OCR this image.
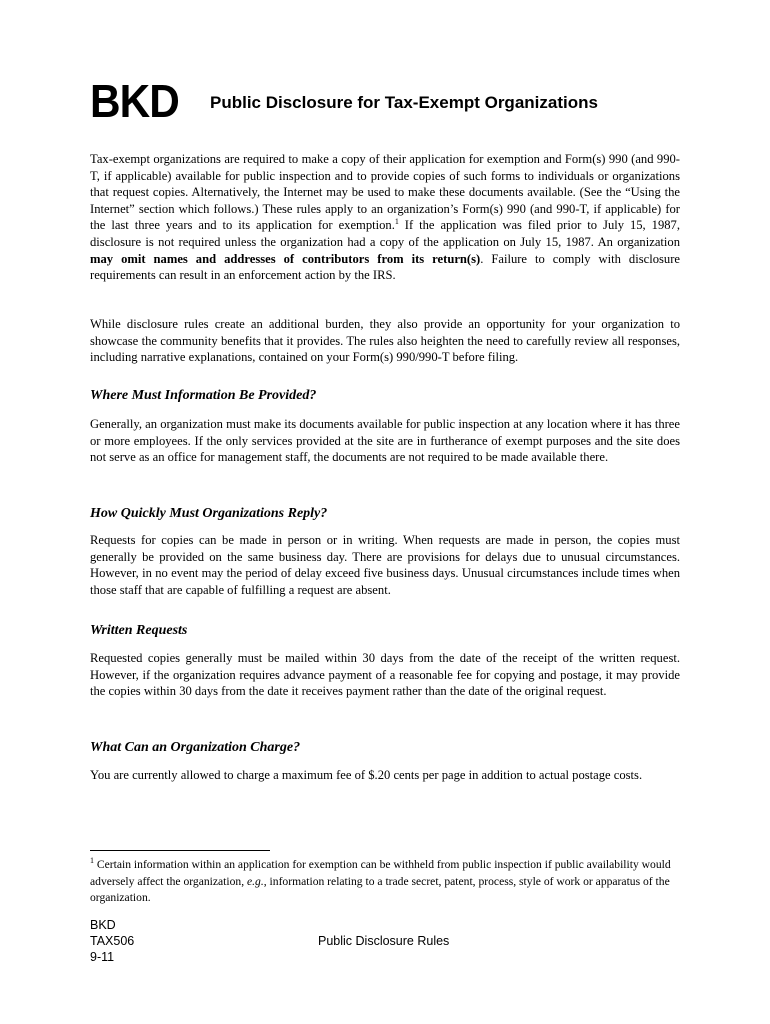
BKD Public Disclosure for Tax-Exempt Organizations
Tax-exempt organizations are required to make a copy of their application for exemption and Form(s) 990 (and 990-T, if applicable) available for public inspection and to provide copies of such forms to individuals or organizations that request copies. Alternatively, the Internet may be used to make these documents available. (See the “Using the Internet” section which follows.) These rules apply to an organization’s Form(s) 990 (and 990-T, if applicable) for the last three years and to its application for exemption.$^1$ If the application was filed prior to July 15, 1987, disclosure is not required unless the organization had a copy of the application on July 15, 1987. An organization may omit names and addresses of contributors from its return(s). Failure to comply with disclosure requirements can result in an enforcement action by the IRS.
While disclosure rules create an additional burden, they also provide an opportunity for your organization to showcase the community benefits that it provides. The rules also heighten the need to carefully review all responses, including narrative explanations, contained on your Form(s) 990/990-T before filing.
Where Must Information Be Provided?
Generally, an organization must make its documents available for public inspection at any location where it has three or more employees. If the only services provided at the site are in furtherance of exempt purposes and the site does not serve as an office for management staff, the documents are not required to be made available there.
How Quickly Must Organizations Reply?
Requests for copies can be made in person or in writing. When requests are made in person, the copies must generally be provided on the same business day. There are provisions for delays due to unusual circumstances. However, in no event may the period of delay exceed five business days. Unusual circumstances include times when those staff that are capable of fulfilling a request are absent.
Written Requests
Requested copies generally must be mailed within 30 days from the date of the receipt of the written request. However, if the organization requires advance payment of a reasonable fee for copying and postage, it may provide the copies within 30 days from the date it receives payment rather than the date of the original request.
What Can an Organization Charge?
You are currently allowed to charge a maximum fee of $.20 cents per page in addition to actual postage costs.
$^1$ Certain information within an application for exemption can be withheld from public inspection if public availability would adversely affect the organization, e.g., information relating to a trade secret, patent, process, style of work or apparatus of the organization.
BKD
TAX506
9-11
Public Disclosure Rules
